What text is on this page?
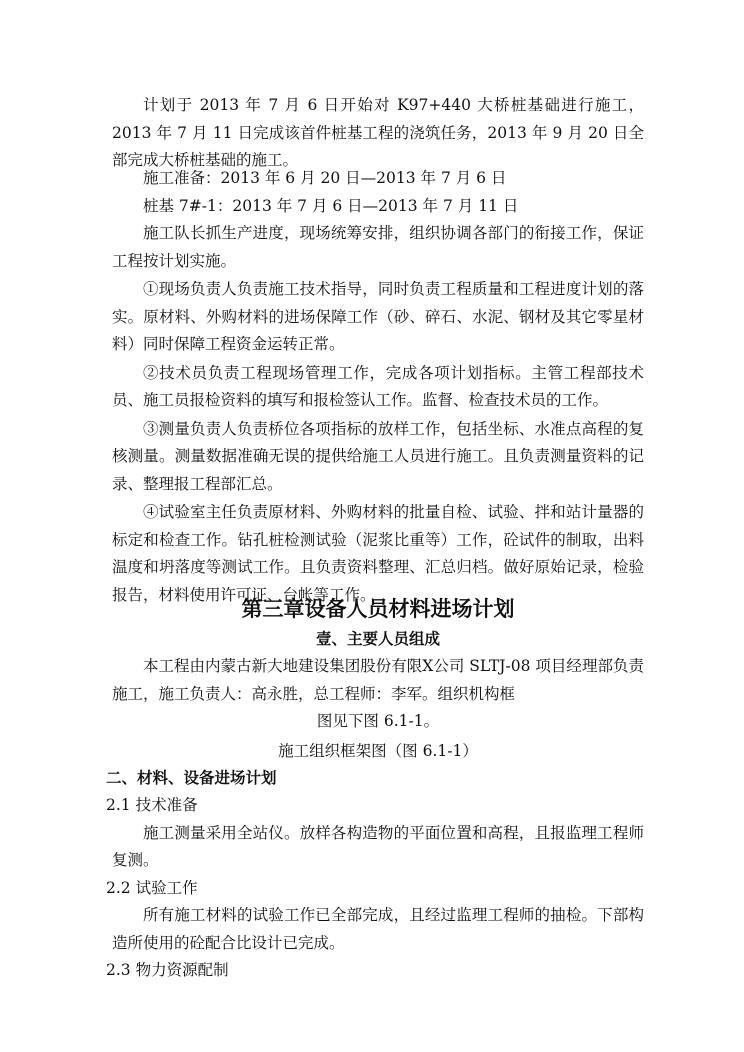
计划于 2013 年 7 月 6 日开始对 K97+440 大桥桩基础进行施工，2013 年 7 月 11 日完成该首件桩基工程的浇筑任务，2013 年 9 月 20 日全部完成大桥桩基础的施工。

施工准备：2013 年 6 月 20 日—2013 年 7 月 6 日

桩基 7#-1：2013 年 7 月 6 日—2013 年 7 月 11 日

施工队长抓生产进度，现场统筹安排，组织协调各部门的衔接工作，保证工程按计划实施。

①现场负责人负责施工技术指导，同时负责工程质量和工程进度计划的落实。原材料、外购材料的进场保障工作（砂、碎石、水泥、钢材及其它零星材料）同时保障工程资金运转正常。

②技术员负责工程现场管理工作，完成各项计划指标。主管工程部技术员、施工员报检资料的填写和报检签认工作。监督、检查技术员的工作。

③测量负责人负责桥位各项指标的放样工作，包括坐标、水准点高程的复核测量。测量数据准确无误的提供给施工人员进行施工。且负责测量资料的记录、整理报工程部汇总。

④试验室主任负责原材料、外购材料的批量自检、试验、拌和站计量器的标定和检查工作。钻孔桩检测试验（泥浆比重等）工作，砼试件的制取，出料温度和坍落度等测试工作。且负责资料整理、汇总归档。做好原始记录，检验报告，材料使用许可证、台帐等工作。

第三章设备人员材料进场计划
壹、主要人员组成

本工程由内蒙古新大地建设集团股份有限X公司 SLTJ-08 项目经理部负责施工，施工负责人：高永胜，总工程师：李军。组织机构框

图见下图 6.1-1。

施工组织框架图（图 6.1-1）

二、材料、设备进场计划

2.1 技术准备

施工测量采用全站仪。放样各构造物的平面位置和高程，且报监理工程师复测。

2.2 试验工作

所有施工材料的试验工作已全部完成，且经过监理工程师的抽检。下部构造所使用的砼配合比设计已完成。

2.3 物力资源配制
